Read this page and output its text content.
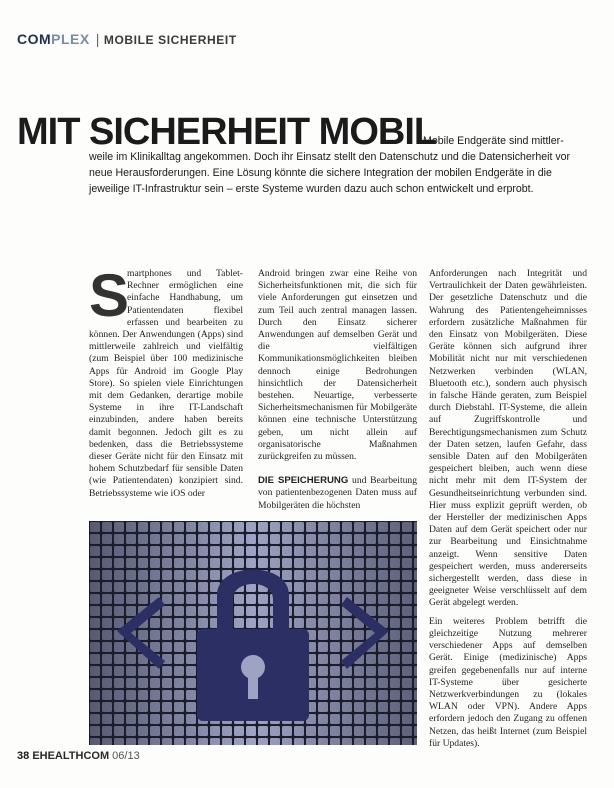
COMPLEX | MOBILE SICHERHEIT
MIT SICHERHEIT MOBIL
Mobile Endgeräte sind mittler-
weile im Klinikalltag angekommen. Doch ihr Einsatz stellt den Datenschutz und die Datensicherheit vor neue Herausforderungen. Eine Lösung könnte die sichere Integration der mobilen Endgeräte in die jeweilige IT-Infrastruktur sein – erste Systeme wurden dazu auch schon entwickelt und erprobt.
S
martphones und Tablet-Rechner ermöglichen eine einfache Handhabung, um Patientendaten flexibel erfassen und bearbeiten zu können. Der Anwendungen (Apps) sind mittlerweile zahlreich und vielfältig (zum Beispiel über 100 medizinische Apps für Android im Google Play Store). So spielen viele Einrichtungen mit dem Gedanken, derartige mobile Systeme in ihre IT-Landschaft einzubinden, andere haben bereits damit begonnen. Jedoch gilt es zu bedenken, dass die Betriebssysteme dieser Geräte nicht für den Einsatz mit hohem Schutzbedarf für sensible Daten (wie Patientendaten) konzipiert sind. Betriebssysteme wie iOS oder
Android bringen zwar eine Reihe von Sicherheitsfunktionen mit, die sich für viele Anforderungen gut einsetzen und zum Teil auch zentral managen lassen. Durch den Einsatz sicherer Anwendungen auf demselben Gerät und die vielfältigen Kommunikationsmöglichkeiten bleiben dennoch einige Bedrohungen hinsichtlich der Datensicherheit bestehen. Neuartige, verbesserte Sicherheitsmechanismen für Mobilgeräte können eine technische Unterstützung geben, um nicht allein auf organisatorische Maßnahmen zurückgreifen zu müssen.
DIE SPEICHERUNG und Bearbeitung von patientenbezogenen Daten muss auf Mobilgeräten die höchsten
Anforderungen nach Integrität und Vertraulichkeit der Daten gewährleisten. Der gesetzliche Datenschutz und die Wahrung des Patientengeheimnisses erfordern zusätzliche Maßnahmen für den Einsatz von Mobilgeräten. Diese Geräte können sich aufgrund ihrer Mobilität nicht nur mit verschiedenen Netzwerken verbinden (WLAN, Bluetooth etc.), sondern auch physisch in falsche Hände geraten, zum Beispiel durch Diebstahl. IT-Systeme, die allein auf Zugriffskontrolle und Berechtigungsmechanismen zum Schutz der Daten setzen, laufen Gefahr, dass sensible Daten auf den Mobilgeräten gespeichert bleiben, auch wenn diese nicht mehr mit dem IT-System der Gesundheitseinrichtung verbunden sind. Hier muss explizit geprüft werden, ob der Hersteller der medizinischen Apps Daten auf dem Gerät speichert oder nur zur Bearbeitung und Einsichtnahme anzeigt. Wenn sensitive Daten gespeichert werden, muss andererseits sichergestellt werden, dass diese in geeigneter Weise verschlüsselt auf dem Gerät abgelegt werden.
Ein weiteres Problem betrifft die gleichzeitige Nutzung mehrerer verschiedener Apps auf demselben Gerät. Einige (medizinische) Apps greifen gegebenenfalls nur auf interne IT-Systeme über gesicherte Netzwerkverbindungen zu (lokales WLAN oder VPN). Andere Apps erfordern jedoch den Zugang zu offenen Netzen, das heißt Internet (zum Beispiel für Updates).
38 EHEALTHCOM 06/13
